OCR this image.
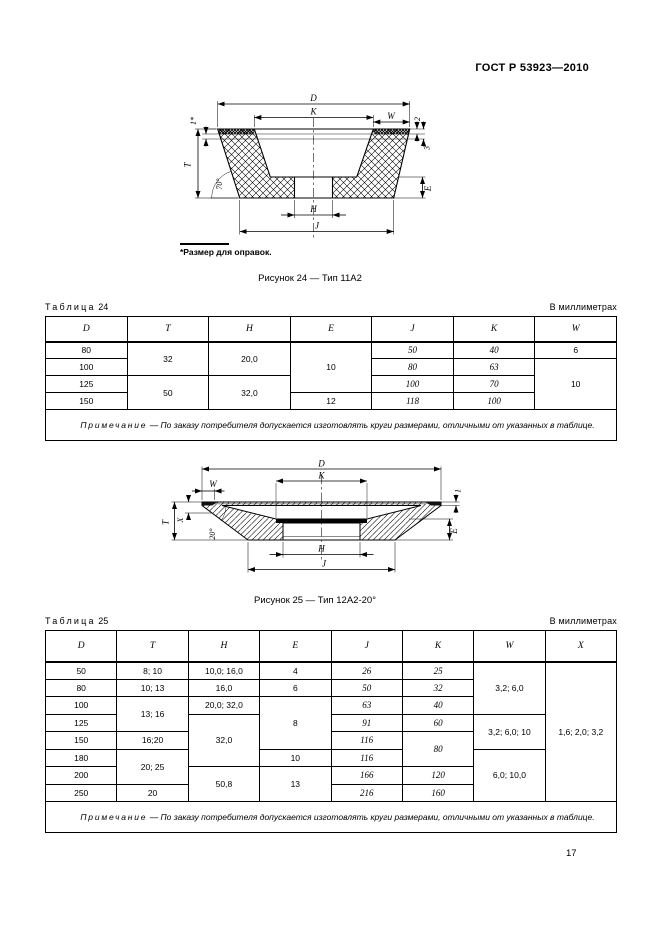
ГОСТ Р 53923—2010
D
K	W 2
3
1*
T
70°	E
H
J
*Размер для оправок.
Рисунок 24 — Тип 11А2
Таблица 24	В миллиметрах
D	T	H	E	J	K	W
80	32	20,0	10	50	40	6
100				80	63	10
125	50	32,0		100	70	
150			12	118	100	
Примечание — По заказу потребителя допускается изготовлять круги размерами, отличными от указанных в таблице.						
D
K
W
1
T X
20°	E
H
J
Рисунок 25 — Тип 12А2-20°
Таблица 25	В миллиметрах
D	T	H	E	J	K	W	X
50	8; 10	10,0; 16,0	4	26	25	3,2; 6,0	1,6; 2,0; 3,2
80	10; 13	16,0	6	50	32		
100	13; 16	20,0; 32,0	8	63	40		
125		32,0		91	60	3,2; 6,0; 10	
150	16;20			116	80		
180	20; 25		10	116		6,0; 10,0	
200		50,8	13	166	120		
250	20			216	160		
Примечание — По заказу потребителя допускается изготовлять круги размерами, отличными от указанных в таблице.							
17
